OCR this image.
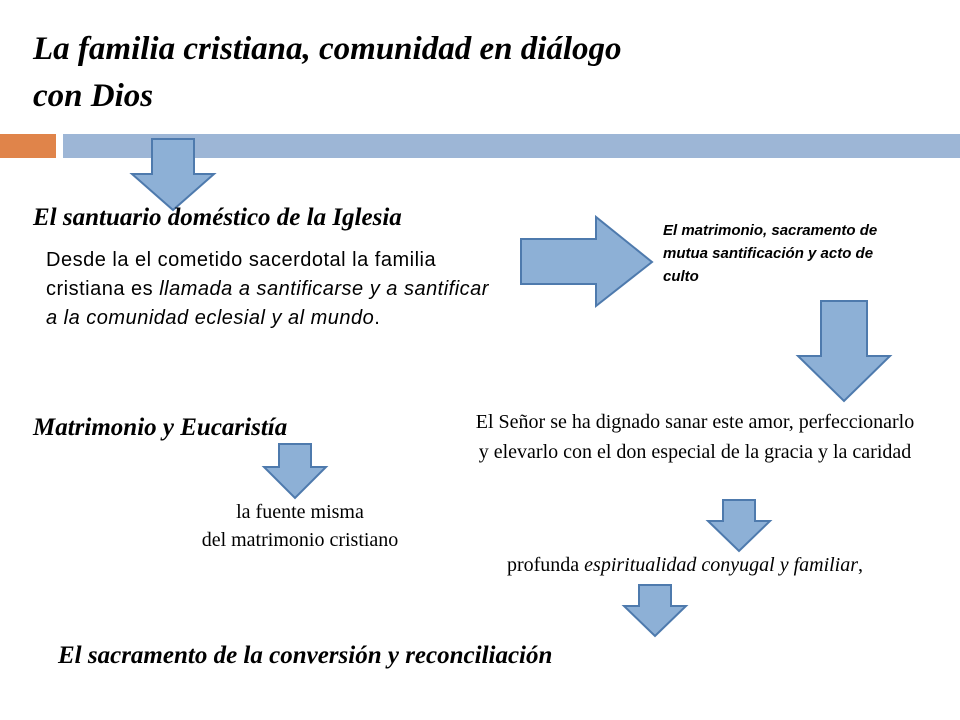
La familia cristiana, comunidad en diálogo con Dios
El santuario doméstico de la Iglesia
Desde la el cometido sacerdotal la familia cristiana es llamada a santificarse y a santificar a la comunidad eclesial y al mundo.
El matrimonio, sacramento de mutua santificación y acto de culto
Matrimonio y Eucaristía
la fuente misma
del matrimonio cristiano
El Señor se ha dignado sanar este amor, perfeccionarlo y elevarlo con el don especial de la gracia y la caridad
profunda espiritualidad conyugal y familiar,
El sacramento de la conversión y reconciliación
